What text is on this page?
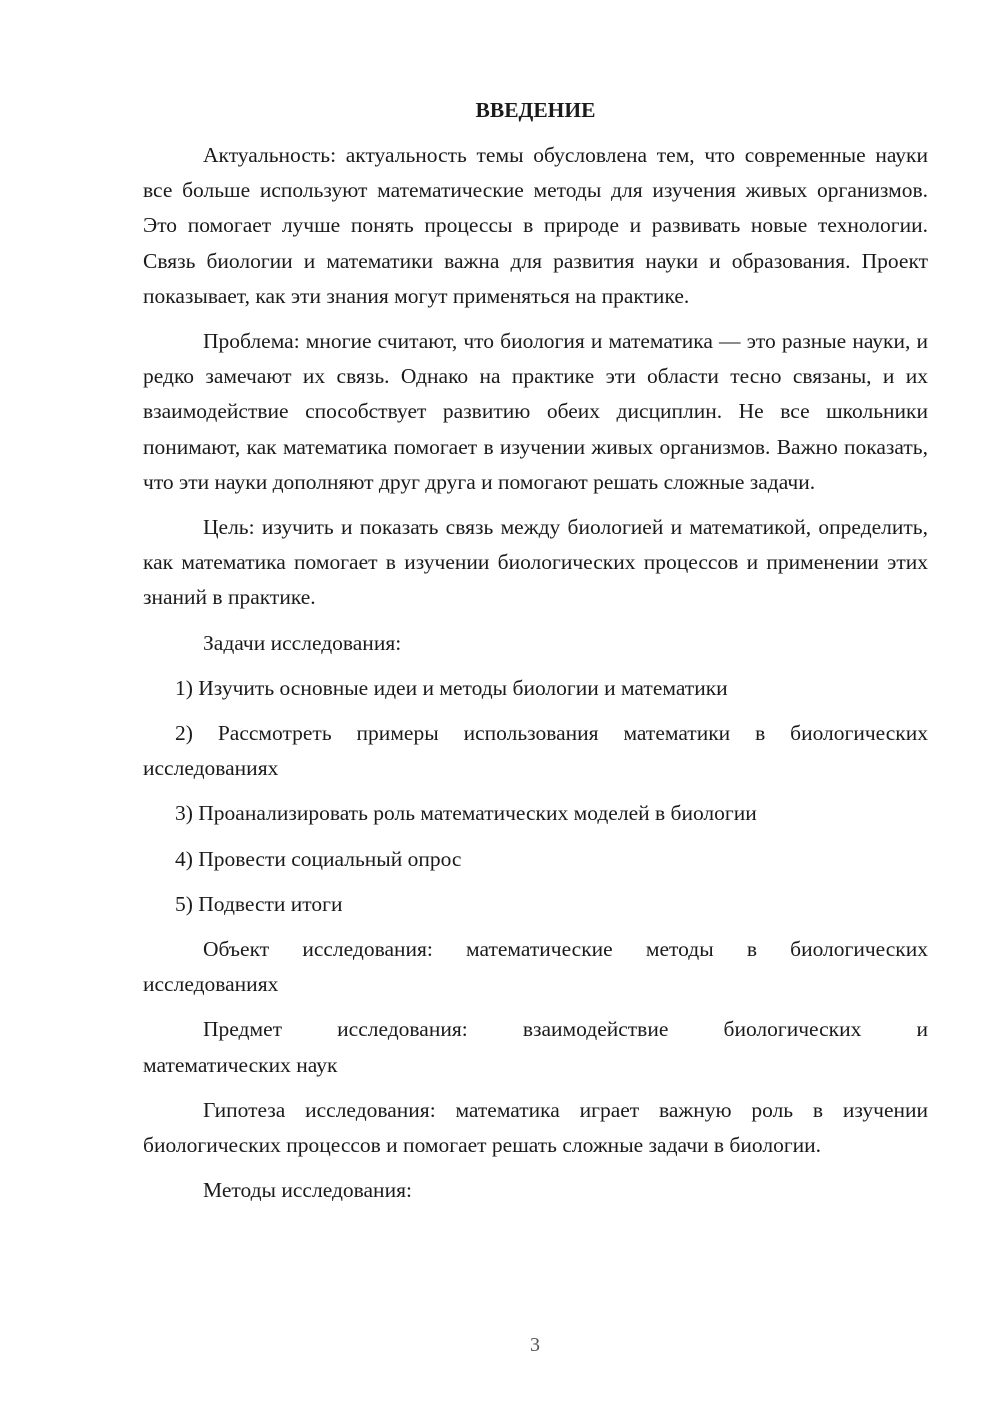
ВВЕДЕНИЕ

Актуальность: актуальность темы обусловлена тем, что современные науки все больше используют математические методы для изучения живых организмов. Это помогает лучше понять процессы в природе и развивать новые технологии. Связь биологии и математики важна для развития науки и образования. Проект показывает, как эти знания могут применяться на практике.

Проблема: многие считают, что биология и математика — это разные науки, и редко замечают их связь. Однако на практике эти области тесно связаны, и их взаимодействие способствует развитию обеих дисциплин. Не все школьники понимают, как математика помогает в изучении живых организмов. Важно показать, что эти науки дополняют друг друга и помогают решать сложные задачи.

Цель: изучить и показать связь между биологией и математикой, определить, как математика помогает в изучении биологических процессов и применении этих знаний в практике.

Задачи исследования:

1) Изучить основные идеи и методы биологии и математики

2) Рассмотреть примеры использования математики в биологических исследованиях

3) Проанализировать роль математических моделей в биологии

4) Провести социальный опрос

5) Подвести итоги

Объект исследования: математические методы в биологических исследованиях

Предмет исследования: взаимодействие биологических и

математических наук

Гипотеза исследования: математика играет важную роль в изучении биологических процессов и помогает решать сложные задачи в биологии.

Методы исследования:

3
